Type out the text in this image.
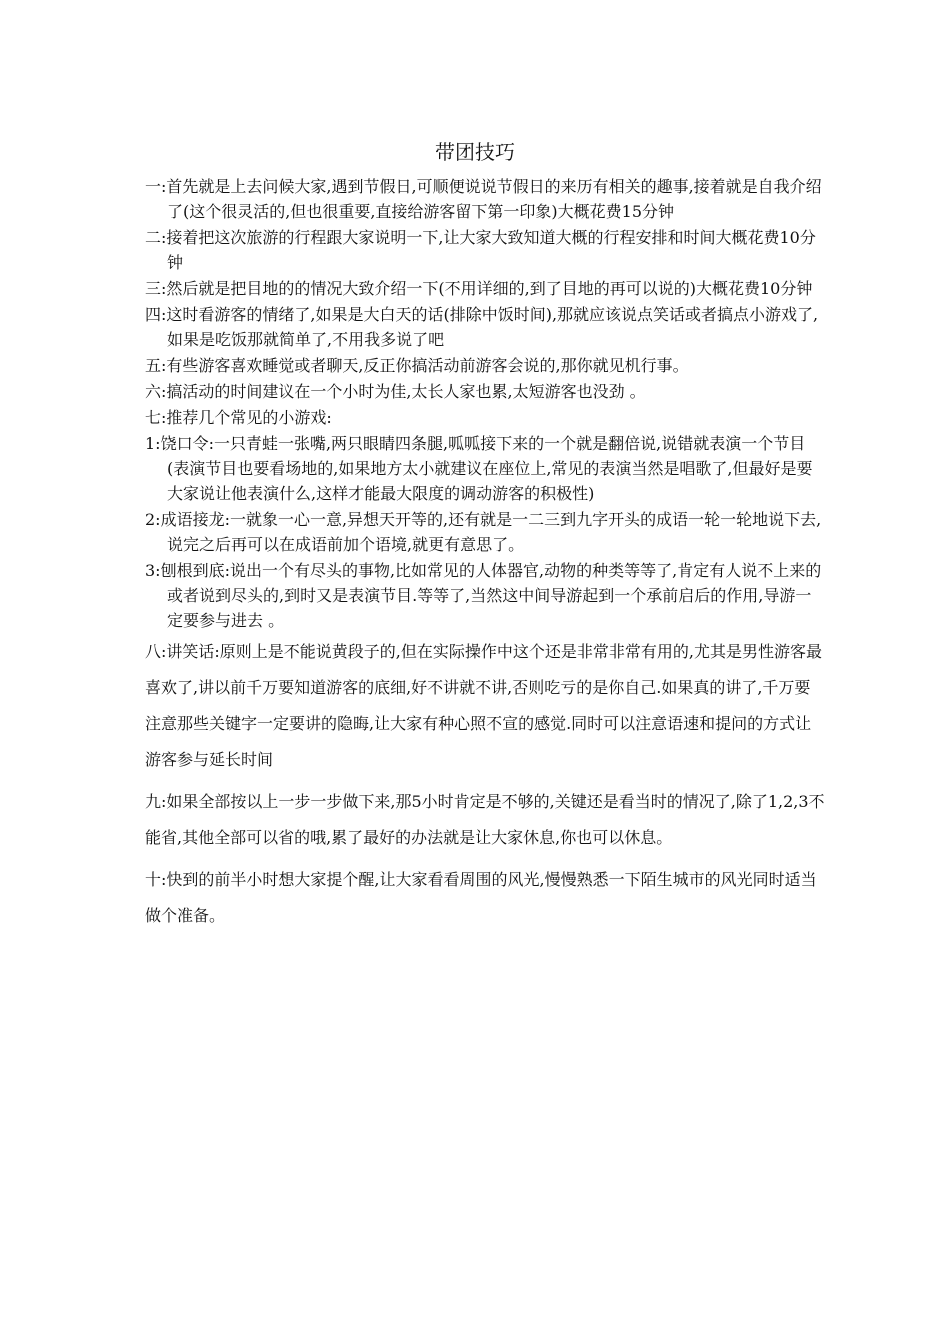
带团技巧

一:首先就是上去问候大家,遇到节假日,可顺便说说节假日的来历有相关的趣事,接着就是自我介绍了(这个很灵活的,但也很重要,直接给游客留下第一印象)大概花费15分钟

二:接着把这次旅游的行程跟大家说明一下,让大家大致知道大概的行程安排和时间大概花费10分钟

三:然后就是把目地的的情况大致介绍一下(不用详细的,到了目地的再可以说的)大概花费10分钟

四:这时看游客的情绪了,如果是大白天的话(排除中饭时间),那就应该说点笑话或者搞点小游戏了,如果是吃饭那就简单了,不用我多说了吧

五:有些游客喜欢睡觉或者聊天,反正你搞活动前游客会说的,那你就见机行事。

六:搞活动的时间建议在一个小时为佳,太长人家也累,太短游客也没劲 。

七:推荐几个常见的小游戏:

1:饶口令:一只青蛙一张嘴,两只眼睛四条腿,呱呱接下来的一个就是翻倍说,说错就表演一个节目(表演节目也要看场地的,如果地方太小就建议在座位上,常见的表演当然是唱歌了,但最好是要大家说让他表演什么,这样才能最大限度的调动游客的积极性)

2:成语接龙:一就象一心一意,异想天开等的,还有就是一二三到九字开头的成语一轮一轮地说下去,说完之后再可以在成语前加个语境,就更有意思了。

3:刨根到底:说出一个有尽头的事物,比如常见的人体器官,动物的种类等等了,肯定有人说不上来的或者说到尽头的,到时又是表演节目.等等了,当然这中间导游起到一个承前启后的作用,导游一定要参与进去 。

八:讲笑话:原则上是不能说黄段子的,但在实际操作中这个还是非常非常有用的,尤其是男性游客最喜欢了,讲以前千万要知道游客的底细,好不讲就不讲,否则吃亏的是你自己.如果真的讲了,千万要注意那些关键字一定要讲的隐晦,让大家有种心照不宣的感觉.同时可以注意语速和提问的方式让游客参与延长时间

九:如果全部按以上一步一步做下来,那5小时肯定是不够的,关键还是看当时的情况了,除了1,2,3不能省,其他全部可以省的哦,累了最好的办法就是让大家休息,你也可以休息。

十:快到的前半小时想大家提个醒,让大家看看周围的风光,慢慢熟悉一下陌生城市的风光同时适当做个准备。
